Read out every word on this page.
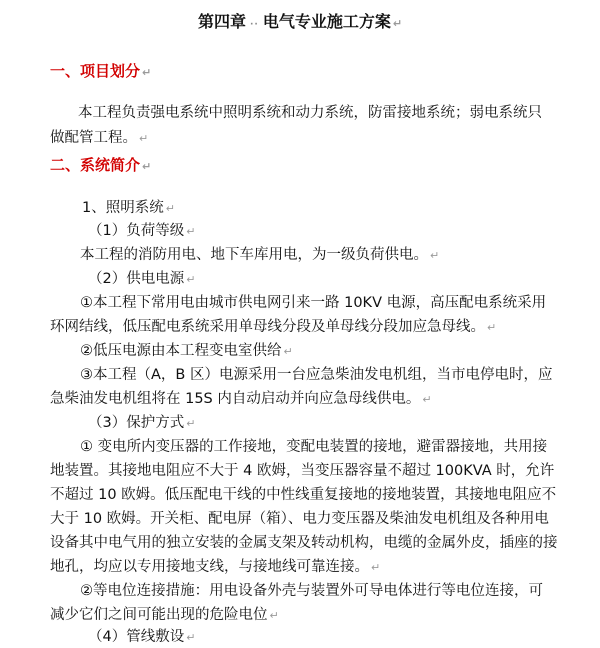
第四章 ·· 电气专业施工方案 ↵
一、项目划分 ↵
本工程负责强电系统中照明系统和动力系统，防雷接地系统；弱电系统只
做配管工程。 ↵
二、系统简介 ↵
1、照明系统 ↵
（1）负荷等级 ↵
本工程的消防用电、地下车库用电，为一级负荷供电。 ↵
（2）供电电源 ↵
①本工程下常用电由城市供电网引来一路 10KV 电源，高压配电系统采用
环网结线，低压配电系统采用单母线分段及单母线分段加应急母线。 ↵
②低压电源由本工程变电室供给 ↵
③本工程（A，B 区）电源采用一台应急柴油发电机组，当市电停电时，应
急柴油发电机组将在 15S 内自动启动并向应急母线供电。 ↵
（3）保护方式 ↵
① 变电所内变压器的工作接地，变配电装置的接地，避雷器接地，共用接
地装置。其接地电阻应不大于 4 欧姆，当变压器容量不超过 100KVA 时，允许
不超过 10 欧姆。低压配电干线的中性线重复接地的接地装置，其接地电阻应不
大于 10 欧姆。开关柜、配电屏（箱）、电力变压器及柴油发电机组及各种用电
设备其中电气用的独立安装的金属支架及转动机构，电缆的金属外皮，插座的接
地孔，均应以专用接地支线，与接地线可靠连接。 ↵
②等电位连接措施：用电设备外壳与装置外可导电体进行等电位连接，可
减少它们之间可能出现的危险电位 ↵
（4）管线敷设 ↵
